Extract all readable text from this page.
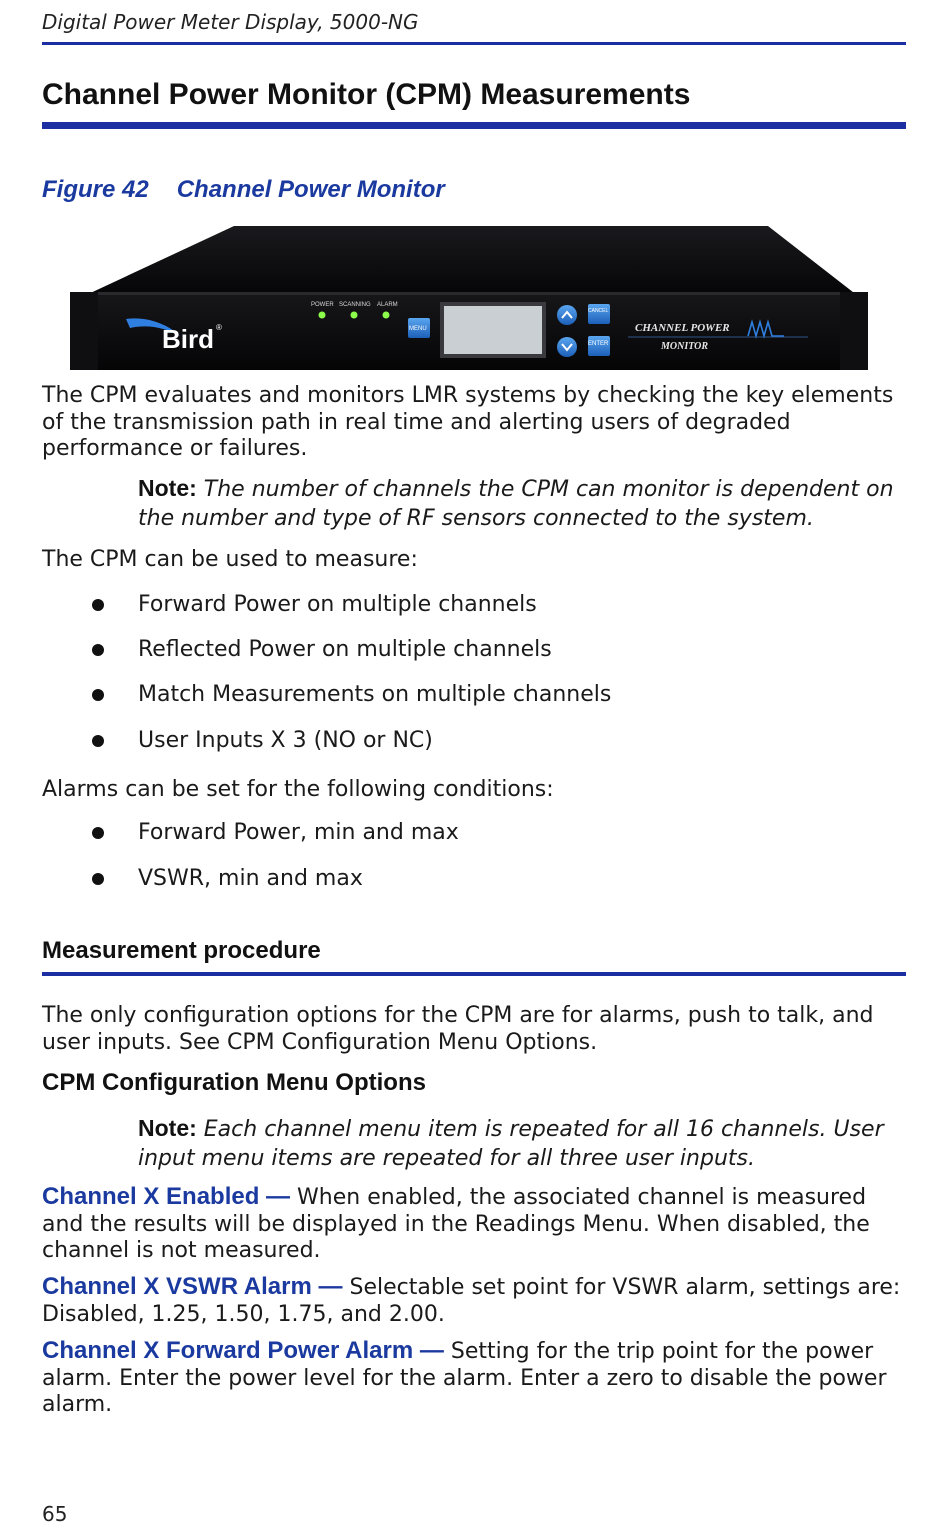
Digital Power Meter Display, 5000-NG
Channel Power Monitor (CPM) Measurements
Figure 42 Channel Power Monitor
Bird ®
POWER SCANNING ALARM
MENU
CANCEL
ENTER
CHANNEL POWER
MONITOR
The CPM evaluates and monitors LMR systems by checking the key elements of the transmission path in real time and alerting users of degraded performance or failures.
Note: The number of channels the CPM can monitor is dependent on the number and type of RF sensors connected to the system.
The CPM can be used to measure:
Forward Power on multiple channels
Reflected Power on multiple channels
Match Measurements on multiple channels
User Inputs X 3 (NO or NC)
Alarms can be set for the following conditions:
Forward Power, min and max
VSWR, min and max
Measurement procedure
The only configuration options for the CPM are for alarms, push to talk, and user inputs. See CPM Configuration Menu Options.
CPM Configuration Menu Options
Note: Each channel menu item is repeated for all 16 channels. User input menu items are repeated for all three user inputs.
Channel X Enabled — When enabled, the associated channel is measured and the results will be displayed in the Readings Menu. When disabled, the channel is not measured.
Channel X VSWR Alarm — Selectable set point for VSWR alarm, settings are: Disabled, 1.25, 1.50, 1.75, and 2.00.
Channel X Forward Power Alarm — Setting for the trip point for the power alarm. Enter the power level for the alarm. Enter a zero to disable the power alarm.
65
